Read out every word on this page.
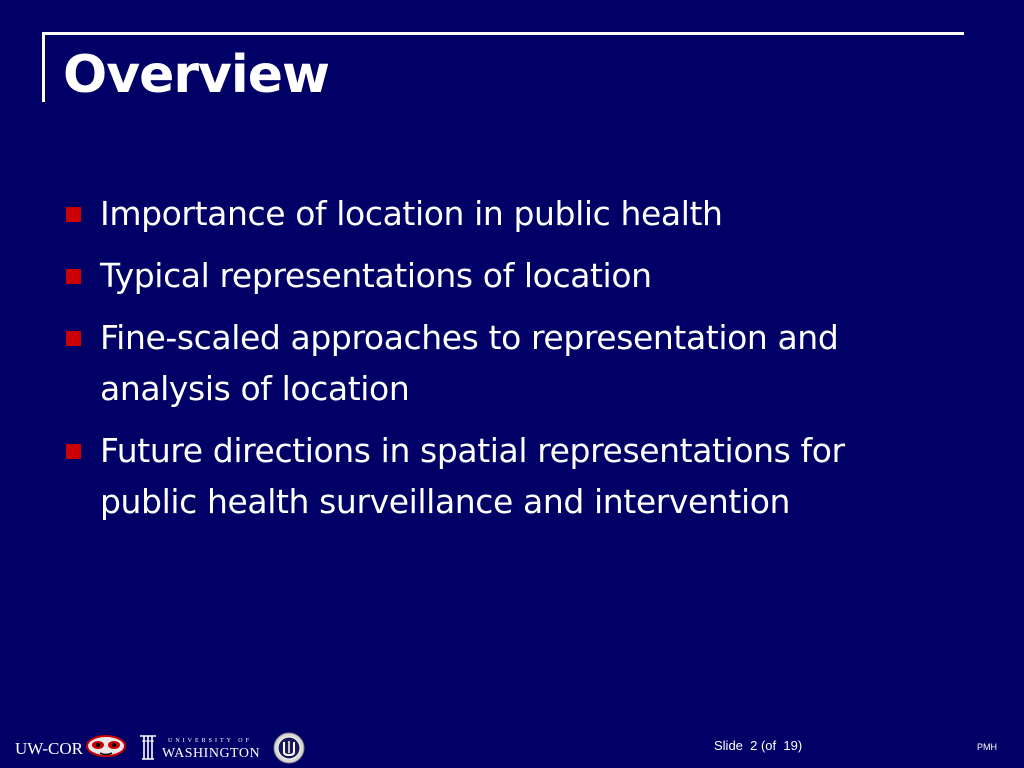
Overview
Importance of location in public health
Typical representations of location
Fine-scaled approaches to representation and analysis of location
Future directions in spatial representations for public health surveillance and intervention
UW-COR	UNIVERSITY OF
WASHINGTON
Slide  2 (of  19)	PMH
